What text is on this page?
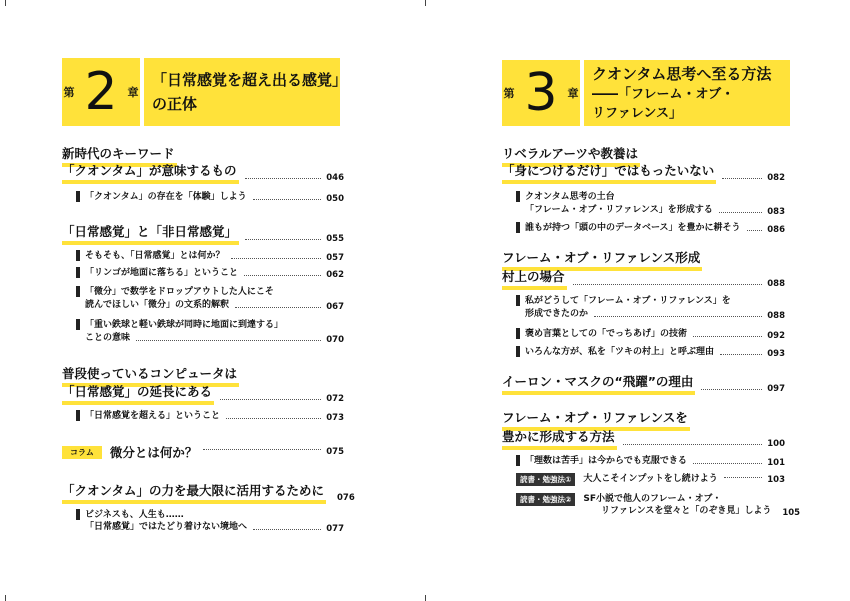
第 2 章
「日常感覚を超え出る感覚」
の正体
新時代のキーワード
「クオンタム」が意味するもの	046
「クオンタム」の存在を「体験」しよう	050
「日常感覚」と「非日常感覚」	055
そもそも、「日常感覚」とは何か？	057
「リンゴが地面に落ちる」ということ	062
「微分」で数学をドロップアウトした人にこそ
読んでほしい「微分」の文系的解釈	067
「重い鉄球と軽い鉄球が同時に地面に到達する」
ことの意味	070
普段使っているコンピュータは
「日常感覚」の延長にある	072
「日常感覚を超える」ということ	073
コラム	微分とは何か？	075
「クオンタム」の力を最大限に活用するために 076
ビジネスも、人生も……
「日常感覚」ではたどり着けない境地へ	077
第 3 章
クオンタム思考へ至る方法
――「フレーム・オブ・
リファレンス」
リベラルアーツや教養は
「身につけるだけ」ではもったいない	082
クオンタム思考の土台
「フレーム・オブ・リファレンス」を形成する	083
誰もが持つ「頭の中のデータベース」を豊かに耕そう	086
フレーム・オブ・リファレンス形成
村上の場合	088
私がどうして「フレーム・オブ・リファレンス」を
形成できたのか	088
褒め言葉としての「でっちあげ」の技術	092
いろんな方が、私を「ツキの村上」と呼ぶ理由	093
イーロン・マスクの“飛躍”の理由	097
フレーム・オブ・リファレンスを
豊かに形成する方法	100
「理数は苦手」は今からでも克服できる	101
読書・勉強法①	大人こそインプットをし続けよう	103
読書・勉強法②	SF小説で他人のフレーム・オブ・
リファレンスを堂々と「のぞき見」しよう 105
